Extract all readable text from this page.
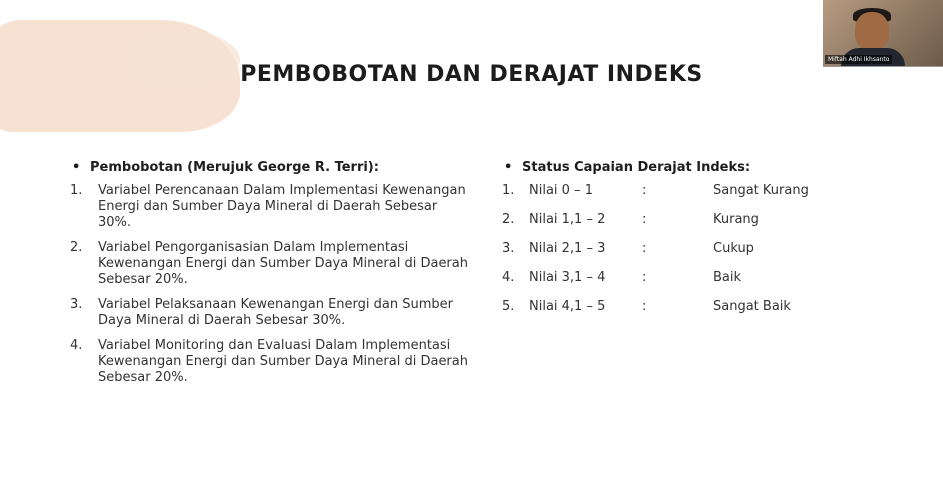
Miftah Adhi Ikhsanto
PEMBOBOTAN DAN DERAJAT INDEKS
• Pembobotan (Merujuk George R. Terri):
1. Variabel Perencanaan Dalam Implementasi Kewenangan Energi dan Sumber Daya Mineral di Daerah Sebesar 30%.
2. Variabel Pengorganisasian Dalam Implementasi Kewenangan Energi dan Sumber Daya Mineral di Daerah Sebesar 20%.
3. Variabel Pelaksanaan Kewenangan Energi dan Sumber Daya Mineral di Daerah Sebesar 30%.
4. Variabel Monitoring dan Evaluasi Dalam Implementasi Kewenangan Energi dan Sumber Daya Mineral di Daerah Sebesar 20%.
• Status Capaian Derajat Indeks:
1. Nilai 0 – 1	:	Sangat Kurang
2. Nilai 1,1 – 2	:	Kurang
3. Nilai 2,1 – 3	:	Cukup
4. Nilai 3,1 – 4	:	Baik
5. Nilai 4,1 – 5	:	Sangat Baik
